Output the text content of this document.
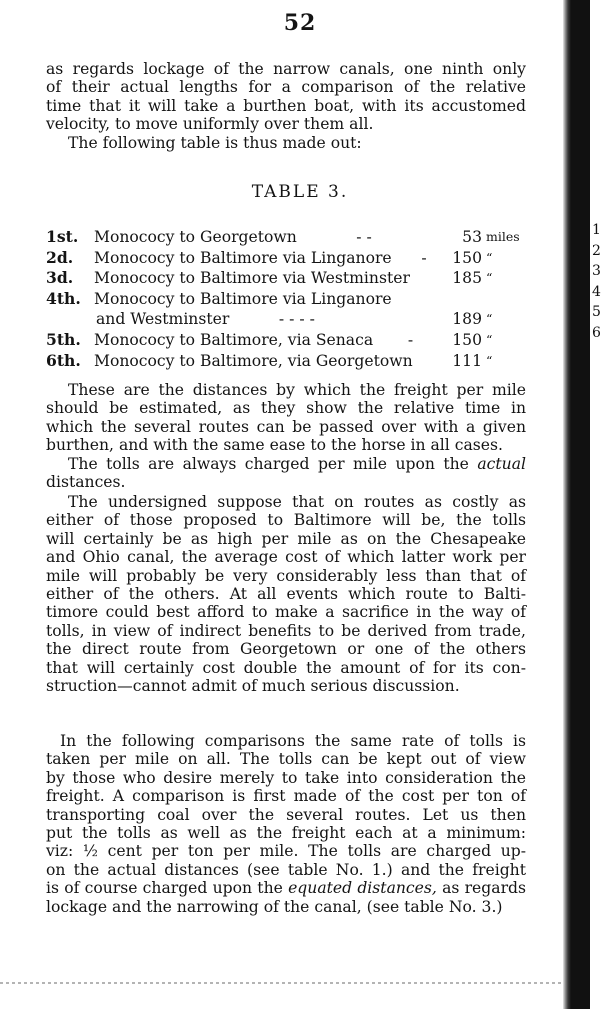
52
as regards lockage of the narrow canals, one ninth only
of their actual lengths for a comparison of the relative
time that it will take a burthen boat, with its accustomed
velocity, to move uniformly over them all.
The following table is thus made out:
TABLE 3.
1st.	Monococy to Georgetown	- -	53 miles
2d.	Monococy to Baltimore via Linganore -	150 “
3d.	Monococy to Baltimore via Westminster	185 “
4th. Monococy to Baltimore via Linganore
and Westminster	- - - -	189 “
5th. Monococy to Baltimore, via Senaca -	150 “
6th. Monococy to Baltimore, via Georgetown	111 “
These are the distances by which the freight per mile
should be estimated, as they show the relative time in
which the several routes can be passed over with a given
burthen, and with the same ease to the horse in all cases.
The tolls are always charged per mile upon the actual
distances.
The undersigned suppose that on routes as costly as
either of those proposed to Baltimore will be, the tolls
will certainly be as high per mile as on the Chesapeake
and Ohio canal, the average cost of which latter work per
mile will probably be very considerably less than that of
either of the others. At all events which route to Balti-
timore could best afford to make a sacrifice in the way of
tolls, in view of indirect benefits to be derived from trade,
the direct route from Georgetown or one of the others
that will certainly cost double the amount of for its con-
struction—cannot admit of much serious discussion.
In the following comparisons the same rate of tolls is
taken per mile on all. The tolls can be kept out of view
by those who desire merely to take into consideration the
freight. A comparison is first made of the cost per ton of
transporting coal over the several routes. Let us then
put the tolls as well as the freight each at a minimum:
viz: ½ cent per ton per mile. The tolls are charged up-
on the actual distances (see table No. 1.) and the freight
is of course charged upon the equated distances, as regards
lockage and the narrowing of the canal, (see table No. 3.)
1
2
3
4
5
6
